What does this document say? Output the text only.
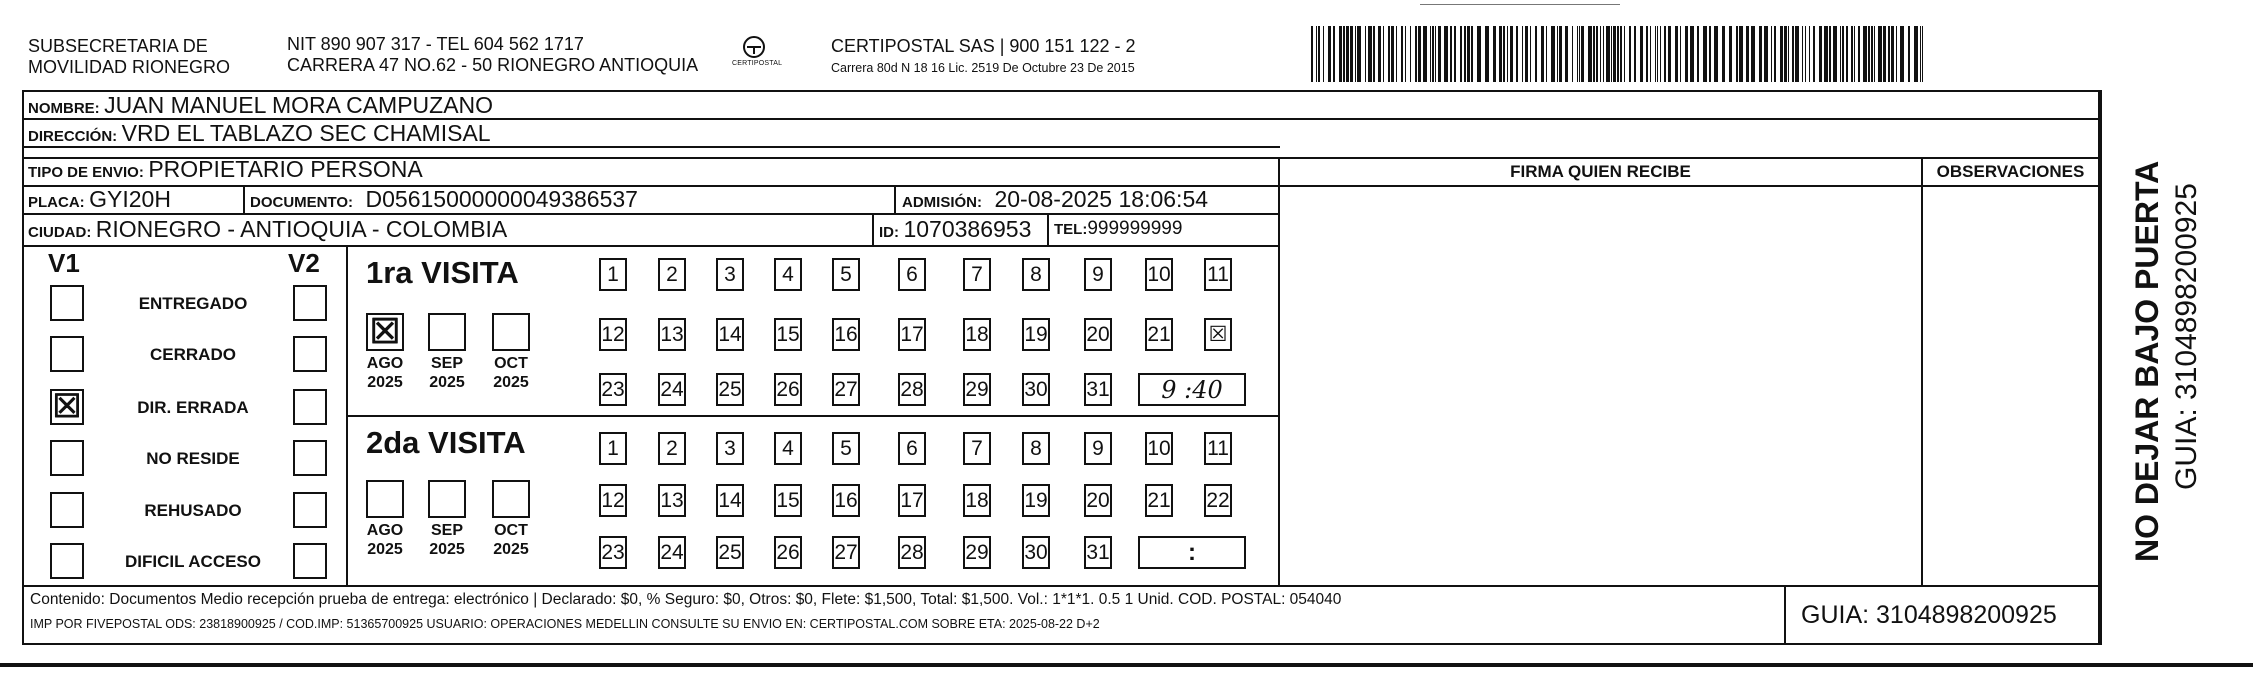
SUBSECRETARIA DE
MOVILIDAD RIONEGRO
NIT 890 907 317 - TEL 604 562 1717
CARRERA 47 NO.62 - 50 RIONEGRO ANTIOQUIA	CERTIPOSTAL
CERTIPOSTAL SAS | 900 151 122 - 2
Carrera 80d N 18 16 Lic. 2519 De Octubre 23 De 2015
NOMBRE: JUAN MANUEL MORA CAMPUZANO
DIRECCIÓN: VRD EL TABLAZO SEC CHAMISAL
TIPO DE ENVIO: PROPIETARIO PERSONA
PLACA: GYI20H	DOCUMENTO: D05615000000049386537	ADMISIÓN: 20-08-2025 18:06:54
CIUDAD: RIONEGRO - ANTIOQUIA - COLOMBIA	ID: 1070386953 TEL:999999999
FIRMA QUIEN RECIBE	OBSERVACIONES
V1	V2
ENTREGADO
CERRADO
☒	DIR. ERRADA
NO RESIDE
REHUSADO
DIFICIL ACCESO
1ra VISITA
☒
AGO
2025
SEP
2025
OCT
2025
1	2	3	4	5	6	7	8	9	10 11
12 13 14 15 16 17 18 19 20 21 ☒
23 24 25 26 27 28 29 30 31	9 :40
2da VISITA
AGO
2025
SEP
2025
OCT
2025
1	2	3	4	5	6	7	8	9	10 11
12 13 14 15 16 17 18 19 20 21 22
23 24 25 26 27 28 29 30 31	:
Contenido: Documentos Medio recepción prueba de entrega: electrónico | Declarado: $0, % Seguro: $0, Otros: $0, Flete: $1,500, Total: $1,500. Vol.: 1*1*1. 0.5 1 Unid. COD. POSTAL: 054040
IMP POR FIVEPOSTAL ODS: 23818900925 / COD.IMP: 51365700925 USUARIO: OPERACIONES MEDELLIN CONSULTE SU ENVIO EN: CERTIPOSTAL.COM SOBRE ETA: 2025-08-22 D+2	GUIA: 3104898200925
NO DEJAR BAJO PUERTA GUIA: 3104898200925
